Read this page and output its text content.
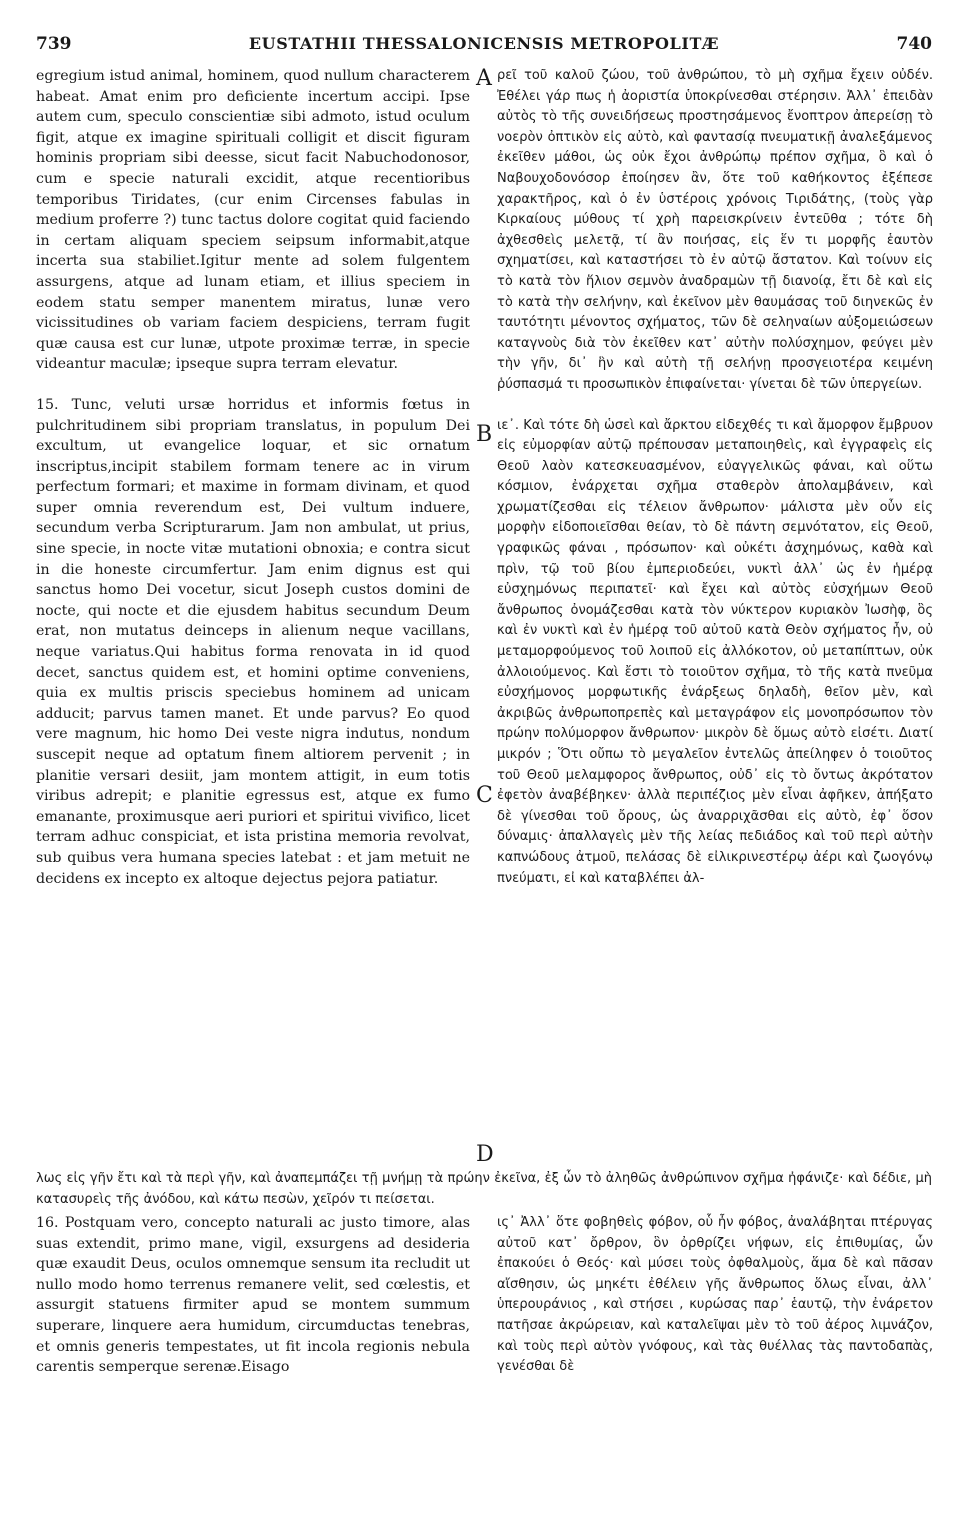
739	EUSTATHII THESSALONICENSIS METROPOLITÆ	740

egregium istud animal, hominem, quod nullum characterem habeat. Amat enim pro deficiente incertum accipi. Ipse autem cum, speculo conscientiæ sibi admoto, istud oculum figit, atque ex imagine spirituali colligit et discit figuram hominis propriam sibi deesse, sicut facit Nabuchodonosor, cum e specie naturali excidit, atque recentioribus temporibus Tiridates, (cur enim Circenses fabulas in medium proferre ?) tunc tactus dolore cogitat quid faciendo in certam aliquam speciem seipsum informabit,atque incerta sua stabiliet.Igitur mente ad solem fulgentem assurgens, atque ad lunam etiam, et illius speciem in eodem statu semper manentem miratus, lunæ vero vicissitudines ob variam faciem despiciens, terram fugit quæ causa est cur lunæ, utpote proximæ terræ, in specie videantur maculæ; ipseque supra terram elevatur.

15. Tunc, veluti ursæ horridus et informis fœtus in pulchritudinem sibi propriam translatus, in populum Dei excultum, ut evangelice loquar, et sic ornatum inscriptus,incipit stabilem formam tenere ac in virum perfectum formari; et maxime in formam divinam, et quod super omnia reverendum est, Dei vultum induere, secundum verba Scripturarum. Jam non ambulat, ut prius, sine specie, in nocte vitæ mutationi obnoxia; e contra sicut in die honeste circumfertur. Jam enim dignus est qui sanctus homo Dei vocetur, sicut Joseph custos domini de nocte, qui nocte et die ejusdem habitus secundum Deum erat, non mutatus deinceps in alienum neque vacillans, neque variatus.Qui habitus forma renovata in id quod decet, sanctus quidem est, et homini optime conveniens, quia ex multis priscis speciebus hominem ad unicam adducit; parvus tamen manet. Et unde parvus? Eo quod vere magnum, hic homo Dei veste nigra indutus, nondum suscepit neque ad optatum finem altiorem pervenit ; in planitie versari desiit, jam montem attigit, in eum totis viribus adrepit; e planitie egressus est, atque ex fumo emanante, proximusque aeri puriori et spiritui vivifico, licet terram adhuc conspiciat, et ista pristina memoria revolvat, sub quibus vera humana species latebat : et jam metuit ne decidens ex incepto ex altoque dejectus pejora patiatur.

ρεῖ τοῦ καλοῦ ζώου, τοῦ ἀνθρώπου, τὸ μὴ σχῆμα ἔχειν οὐδέν. Ἐθέλει γάρ πως ἡ ἀοριστία ὑποκρίνεσθαι στέρησιν. Ἀλλ᾽ ἐπειδὰν αὐτὸς τὸ τῆς συνειδήσεως προστησάμενος ἔνοπτρον ἀπερείσῃ τὸ νοερὸν ὀπτικὸν εἰς αὐτὸ, καὶ φαντασίᾳ πνευματικῇ ἀναλεξάμενος ἐκεῖθεν μάθοι, ὡς οὐκ ἔχοι ἀνθρώπῳ πρέπον σχῆμα, ὃ καὶ ὁ Ναβουχοδονόσορ ἐποίησεν ἂν, ὅτε τοῦ καθήκοντος ἐξέπεσε χαρακτῆρος, καὶ ὁ ἐν ὑστέροις χρόνοις Τιριδάτης, (τοὺς γὰρ Κιρκαίους μύθους τί χρὴ παρεισκρίνειν ἐντεῦθα ; τότε δὴ ἀχθεσθεὶς μελετᾷ, τί ἂν ποιήσας, εἰς ἕν τι μορφῆς ἑαυτὸν σχηματίσει, καὶ καταστήσει τὸ ἐν αὐτῷ ἄστατον. Καὶ τοίνυν εἰς τὸ κατὰ τὸν ἥλιον σεμνὸν ἀναδραμὼν τῇ διανοίᾳ, ἔτι δὲ καὶ εἰς τὸ κατὰ τὴν σελήνην, καὶ ἐκεῖνον μὲν θαυμάσας τοῦ διηνεκῶς ἐν ταυτότητι μένοντος σχήματος, τῶν δὲ σεληναίων αὐξομειώσεων καταγνοὺς διὰ τὸν ἐκεῖθεν κατ᾽ αὐτὴν πολύσχημον, φεύγει μὲν τὴν γῆν, δι᾽ ἣν καὶ αὐτὴ τῇ σελήνῃ προσγειοτέρα κειμένη ῥύσπασμά τι προσωπικὸν ἐπιφαίνεται· γίνεται δὲ τῶν ὑπεργείων.

ιε᾽. Καὶ τότε δὴ ὡσεὶ καὶ ἄρκτου εἰδεχθές τι καὶ ἄμορφον ἔμβρυον εἰς εὐμορφίαν αὐτῷ πρέπουσαν μεταποιηθεὶς, καὶ ἐγγραφεὶς εἰς Θεοῦ λαὸν κατεσκευασμένον, εὐαγγελικῶς φάναι, καὶ οὕτω κόσμιον, ἐνάρχεται σχῆμα σταθερὸν ἀπολαμβάνειν, καὶ χρωματίζεσθαι εἰς τέλειον ἄνθρωπον· μάλιστα μὲν οὖν εἰς μορφὴν εἰδοποιεῖσθαι θείαν, τὸ δὲ πάντη σεμνότατον, εἰς Θεοῦ, γραφικῶς φάναι , πρόσωπον· καὶ οὐκέτι ἀσχημόνως, καθὰ καὶ πρὶν, τῷ τοῦ βίου ἐμπεριοδεύει, νυκτὶ ἀλλ᾽ ὡς ἐν ἡμέρᾳ εὐσχημόνως περιπατεῖ· καὶ ἔχει καὶ αὐτὸς εὐσχήμων Θεοῦ ἄνθρωπος ὀνομάζεσθαι κατὰ τὸν νύκτερον κυριακὸν Ἰωσὴφ, ὃς καὶ ἐν νυκτὶ καὶ ἐν ἡμέρᾳ τοῦ αὐτοῦ κατὰ Θεὸν σχήματος ἦν, οὐ μεταμορφούμενος τοῦ λοιποῦ εἰς ἀλλόκοτον, οὐ μεταπίπτων, οὐκ ἀλλοιούμενος. Καὶ ἔστι τὸ τοιοῦτον σχῆμα, τὸ τῆς κατὰ πνεῦμα εὐσχήμονος μορφωτικῆς ἐνάρξεως δηλαδὴ, θεῖον μὲν, καὶ ἀκριβῶς ἀνθρωποπρεπὲς καὶ μεταγράφον εἰς μονοπρόσωπον τὸν πρώην πολύμορφον ἄνθρωπον· μικρὸν δὲ ὅμως αὐτὸ εἰσέτι. Διατί μικρόν ; Ὅτι οὔπω τὸ μεγαλεῖον ἐντελῶς ἀπείληφεν ὁ τοιοῦτος τοῦ Θεοῦ μελαμφορος ἄνθρωπος, οὐδ᾽ εἰς τὸ ὄντως ἀκρότατον ἐφετὸν ἀναβέβηκεν· ἀλλὰ περιπέζιος μὲν εἶναι ἀφῆκεν, ἀπήξατο δὲ γίνεσθαι τοῦ ὄρους, ὡς ἀναρριχᾶσθαι εἰς αὐτὸ, ἐφ᾽ ὅσον δύναμις· ἀπαλλαγεὶς μὲν τῆς λείας πεδιάδος καὶ τοῦ περὶ αὐτὴν καπνώδους ἀτμοῦ, πελάσας δὲ εἰλικρινεστέρῳ ἀέρι καὶ ζωογόνῳ πνεύματι, εἰ καὶ καταβλέπει ἀλ-

A
B
C
D

λως εἰς γῆν ἔτι καὶ τὰ περὶ γῆν, καὶ ἀναπεμπάζει τῇ μνήμῃ τὰ πρώην ἐκεῖνα, ἐξ ὧν τὸ ἀληθῶς ἀνθρώπινον σχῆμα ἠφάνιζε· καὶ δέδιε, μὴ κατασυρεὶς τῆς ἀνόδου, καὶ κάτω πεσὼν, χεῖρόν τι πείσεται.

16. Postquam vero, concepto naturali ac justo timore, alas suas extendit, primo mane, vigil, exsurgens ad desideria quæ exaudit Deus, oculos omnemque sensum ita recludit ut nullo modo homo terrenus remanere velit, sed cœlestis, et assurgit statuens firmiter apud se montem summum superare, linquere aera humidum, circumductas tenebras, et omnis generis tempestates, ut fit incola regionis nebula carentis semperque serenæ.Eisago
ις᾽ Ἀλλ᾽ ὅτε φοβηθεὶς φόβον, οὗ ἦν φόβος, ἀναλάβηται πτέρυγας αὐτοῦ κατ᾽ ὄρθρον, ὃν ὀρθρίζει νήφων, εἰς ἐπιθυμίας, ὧν ἐπακούει ὁ Θεός· καὶ μύσει τοὺς ὀφθαλμοὺς, ἅμα δὲ καὶ πᾶσαν αἴσθησιν, ὡς μηκέτι ἐθέλειν γῆς ἄνθρωπος ὅλως εἶναι, ἀλλ᾽ ὑπερουράνιος , καὶ στήσει , κυρώσας παρ᾽ ἑαυτῷ, τὴν ἐνάρετον πατῆσαε ἀκρώρειαν, καὶ καταλεῖψαι μὲν τὸ τοῦ ἀέρος λιμνάζον, καὶ τοὺς περὶ αὐτὸν γνόφους, καὶ τὰς θυέλλας τὰς παντοδαπὰς, γενέσθαι δὲ
